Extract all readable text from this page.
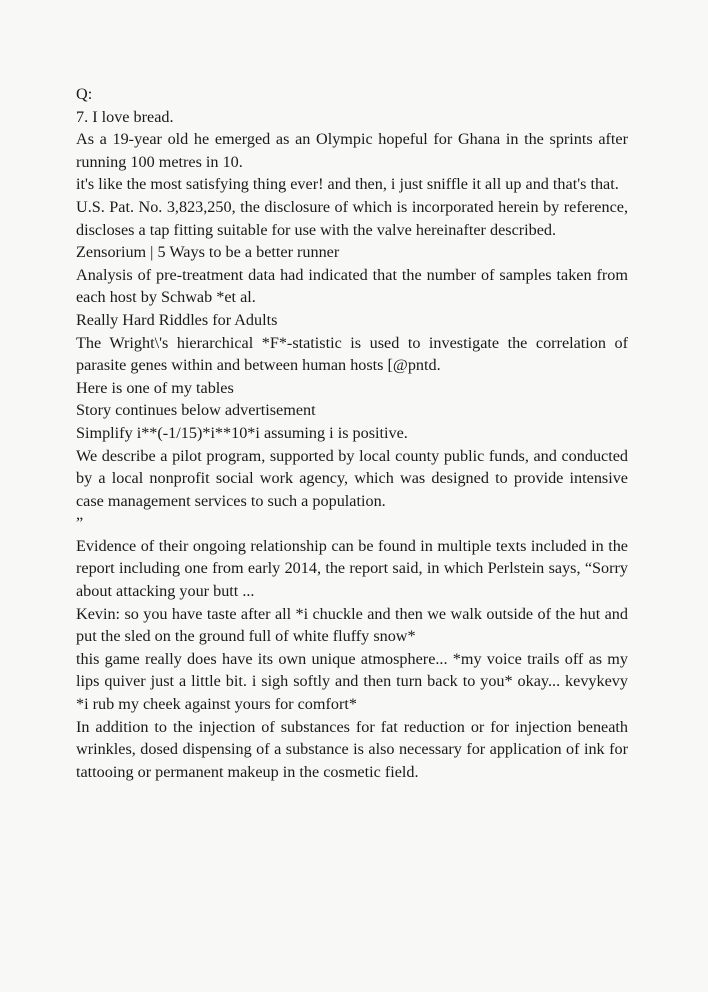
Q:

7. I love bread.

As a 19-year old he emerged as an Olympic hopeful for Ghana in the sprints after running 100 metres in 10.

it's like the most satisfying thing ever! and then, i just sniffle it all up and that's that.

U.S. Pat. No. 3,823,250, the disclosure of which is incorporated herein by reference, discloses a tap fitting suitable for use with the valve hereinafter described.

Zensorium | 5 Ways to be a better runner

Analysis of pre-treatment data had indicated that the number of samples taken from each host by Schwab *et al.

Really Hard Riddles for Adults

The Wright\'s hierarchical *F*-statistic is used to investigate the correlation of parasite genes within and between human hosts [@pntd.

Here is one of my tables

Story continues below advertisement

Simplify i**(-1/15)*i**10*i assuming i is positive.

We describe a pilot program, supported by local county public funds, and conducted by a local nonprofit social work agency, which was designed to provide intensive case management services to such a population.

”

Evidence of their ongoing relationship can be found in multiple texts included in the report including one from early 2014, the report said, in which Perlstein says, “Sorry about attacking your butt ...

Kevin: so you have taste after all *i chuckle and then we walk outside of the hut and put the sled on the ground full of white fluffy snow*

this game really does have its own unique atmosphere... *my voice trails off as my lips quiver just a little bit. i sigh softly and then turn back to you* okay... kevykevy *i rub my cheek against yours for comfort*

In addition to the injection of substances for fat reduction or for injection beneath wrinkles, dosed dispensing of a substance is also necessary for application of ink for tattooing or permanent makeup in the cosmetic field.
